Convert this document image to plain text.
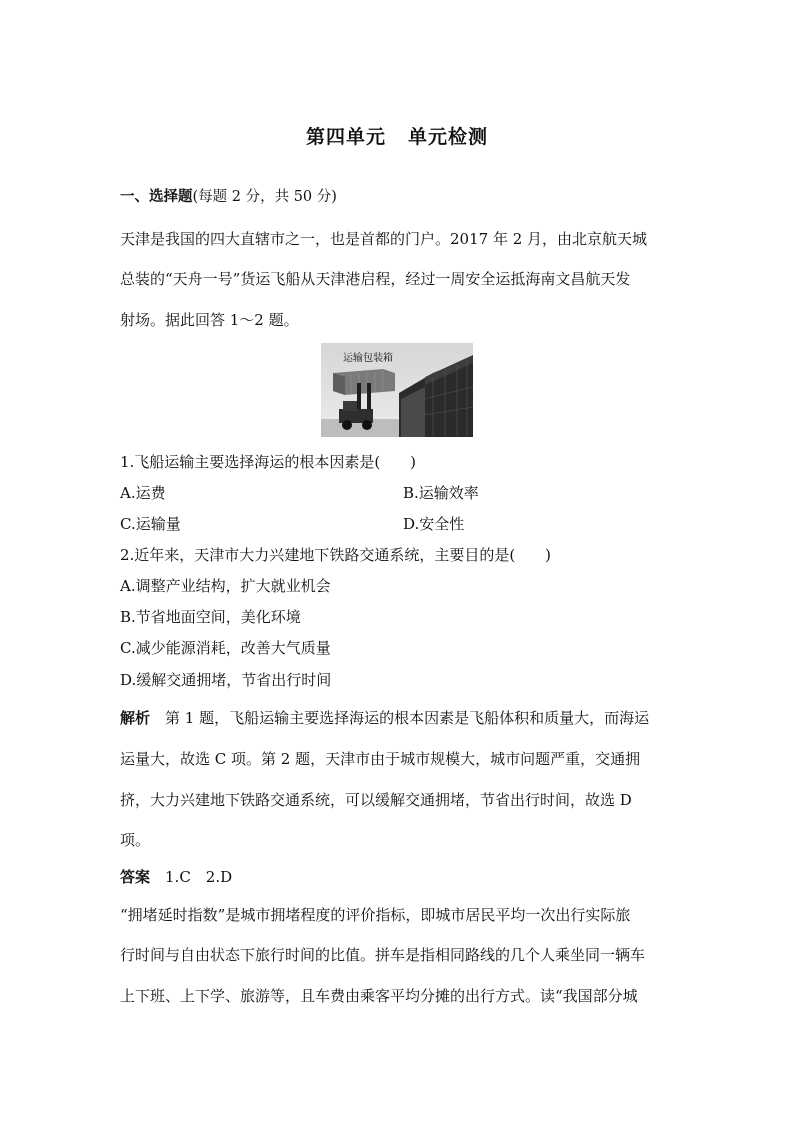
第四单元 单元检测
一、选择题(每题 2 分，共 50 分)
天津是我国的四大直辖市之一，也是首都的门户。2017 年 2 月，由北京航天城
总装的“天舟一号”货运飞船从天津港启程，经过一周安全运抵海南文昌航天发
射场。据此回答 1～2 题。
运输包装箱
1.飞船运输主要选择海运的根本因素是(　　)
A.运费	B.运输效率
C.运输量	D.安全性
2.近年来，天津市大力兴建地下铁路交通系统，主要目的是(　　)
A.调整产业结构，扩大就业机会
B.节省地面空间，美化环境
C.减少能源消耗，改善大气质量
D.缓解交通拥堵，节省出行时间
解析　第 1 题，飞船运输主要选择海运的根本因素是飞船体积和质量大，而海运
运量大，故选 C 项。第 2 题，天津市由于城市规模大，城市问题严重，交通拥
挤，大力兴建地下铁路交通系统，可以缓解交通拥堵，节省出行时间，故选 D
项。
答案　1.C　2.D
“拥堵延时指数”是城市拥堵程度的评价指标，即城市居民平均一次出行实际旅
行时间与自由状态下旅行时间的比值。拼车是指相同路线的几个人乘坐同一辆车
上下班、上下学、旅游等，且车费由乘客平均分摊的出行方式。读“我国部分城
